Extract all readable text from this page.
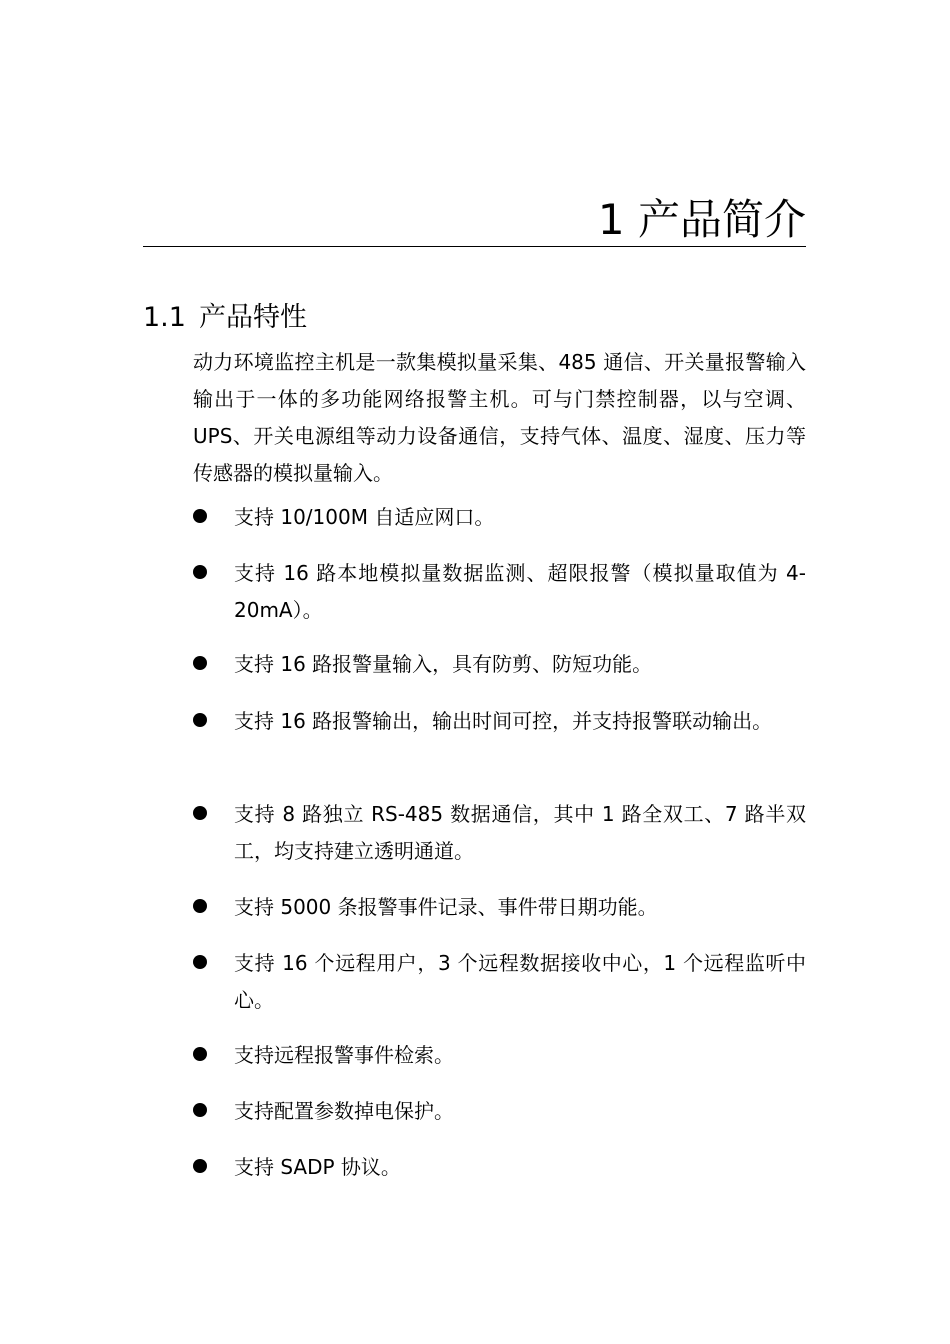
1 产品简介
1.1 产品特性

动力环境监控主机是一款集模拟量采集、485 通信、开关量报警输入输出于一体的多功能网络报警主机。可与门禁控制器，以与空调、UPS、开关电源组等动力设备通信，支持气体、温度、湿度、压力等传感器的模拟量输入。

支持 10/100M 自适应网口。
支持 16 路本地模拟量数据监测、超限报警（模拟量取值为 4-20mA）。
支持 16 路报警量输入，具有防剪、防短功能。
支持 16 路报警输出，输出时间可控，并支持报警联动输出。
支持 8 路独立 RS-485 数据通信，其中 1 路全双工、7 路半双工，均支持建立透明通道。
支持 5000 条报警事件记录、事件带日期功能。
支持 16 个远程用户，3 个远程数据接收中心，1 个远程监听中心。
支持远程报警事件检索。
支持配置参数掉电保护。
支持 SADP 协议。
